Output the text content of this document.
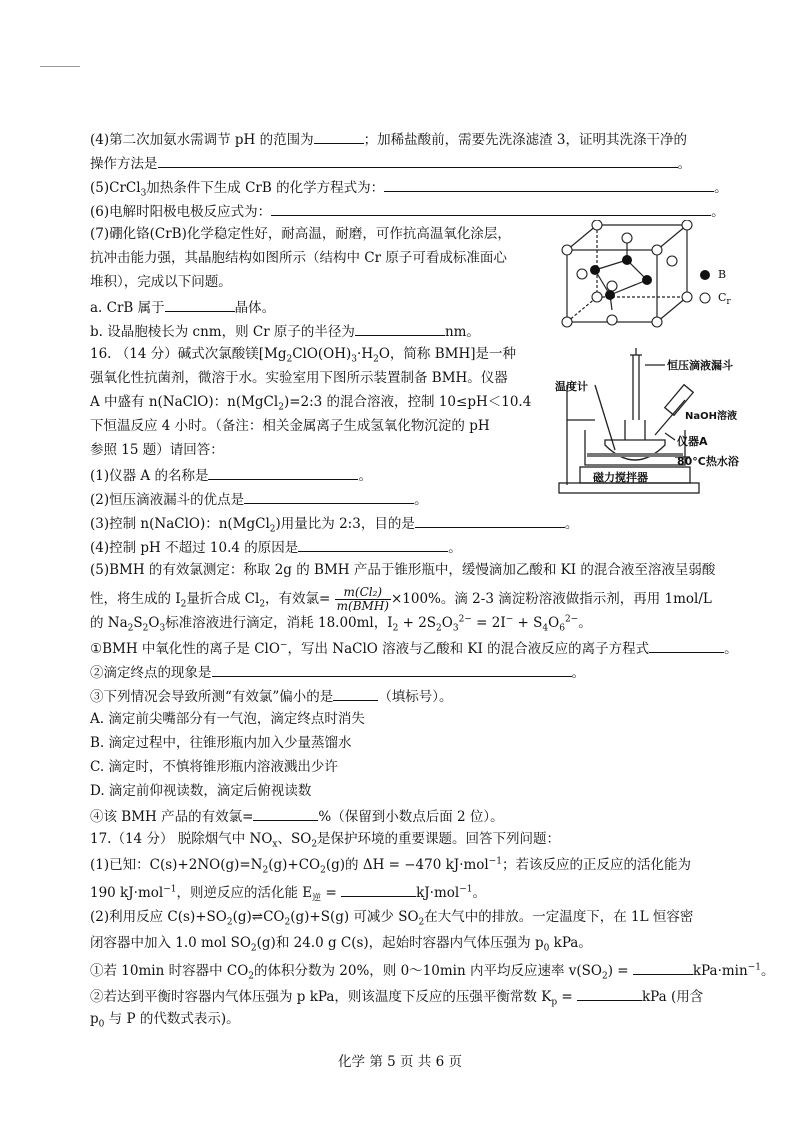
(4)第二次加氨水需调节 pH 的范围为	；加稀盐酸前，需要先洗涤滤渣 3，证明其洗涤干净的
操作方法是	。
(5)CrCl$_3$加热条件下生成 CrB 的化学方程式为：	。
(6)电解时阳极电极反应式为：	。
(7)硼化铬(CrB)化学稳定性好，耐高温，耐磨，可作抗高温氧化涂层，
抗冲击能力强，其晶胞结构如图所示（结构中 Cr 原子可看成标准面心
堆积），完成以下问题。
a. CrB 属于	晶体。
b. 设晶胞棱长为 cnm，则 Cr 原子的半径为	nm。
B
$C_r$
16. （14 分）碱式次氯酸镁[$Mg_2ClO(OH)_3\cdot H_2O$，简称 BMH]是一种
强氧化性抗菌剂，微溶于水。实验室用下图所示装置制备 BMH。仪器
A 中盛有 n(NaClO)：n(MgCl$_2$)=2:3 的混合溶液，控制 10≤pH＜10.4
下恒温反应 4 小时。（备注：相关金属离子生成氢氧化物沉淀的 pH
参照 15 题）请回答：
(1)仪器 A 的名称是	。
(2)恒压滴液漏斗的优点是	。
(3)控制 n(NaClO)：n(MgCl$_2$)用量比为 2:3，目的是	。
(4)控制 pH 不超过 10.4 的原因是	。
(5)BMH 的有效氯测定：称取 2g 的 BMH 产品于锥形瓶中，缓慢滴加乙酸和 KI 的混合液至溶液呈弱酸
性，将生成的 $I_2$量折合成 $Cl_2$，有效氯= $\frac{\text{m(Cl₂)}}{\text{m(BMH)}} \times 100\%$。滴 2-3 滴淀粉溶液做指示剂，再用 1mol/L
的 $Na_2S_2O_3$标准溶液进行滴定，消耗 18.00ml，$I_2 + 2S_2O_3^{2-} = 2I^- + S_4O_6^{2-}$。
①BMH 中氧化性的离子是 ClO−，写出 NaClO 溶液与乙酸和 KI 的混合液反应的离子方程式	。
②滴定终点的现象是	。
③下列情况会导致所测“有效氯”偏小的是	（填标号）。
A. 滴定前尖嘴部分有一气泡，滴定终点时消失
B. 滴定过程中，往锥形瓶内加入少量蒸馏水
C. 滴定时，不慎将锥形瓶内溶液溅出少许
D. 滴定前仰视读数，滴定后俯视读数
④该 BMH 产品的有效氯=	%（保留到小数点后面 2 位）。
恒压滴液漏斗
温度计
NaOH溶液
仪器A
80°C热水浴
磁力搅拌器
17.（14 分） 脱除烟气中 $NO_x$、$SO_2$是保护环境的重要课题。回答下列问题：
(1)已知：$C(s)+2NO(g)=N_2(g)+CO_2(g)$的 ΔH = −470 kJ·mol$^{-1}$；若该反应的正反应的活化能为
190 kJ·mol$^{-1}$，则逆反应的活化能 $E_逆$ =	kJ·mol$^{-1}$。
(2)利用反应 $C(s)+SO_2(g)\rightleftharpoons CO_2(g)+S(g)$ 可减少 $SO_2$在大气中的排放。一定温度下，在 1L 恒容密
闭容器中加入 1.0 mol $SO_2(g)$和 24.0 g C(s)，起始时容器内气体压强为 $p_0$ kPa。
①若 10min 时容器中 $CO_2$的体积分数为 20%，则 0～10min 内平均反应速率 $v(SO_2)$ =	$kPa\cdot\min^{-1}$。
②若达到平衡时容器内气体压强为 p kPa，则该温度下反应的压强平衡常数 $K_p$ =	kPa (用含
$p_0$ 与 P 的代数式表示)。
化学 第 5 页 共 6 页
